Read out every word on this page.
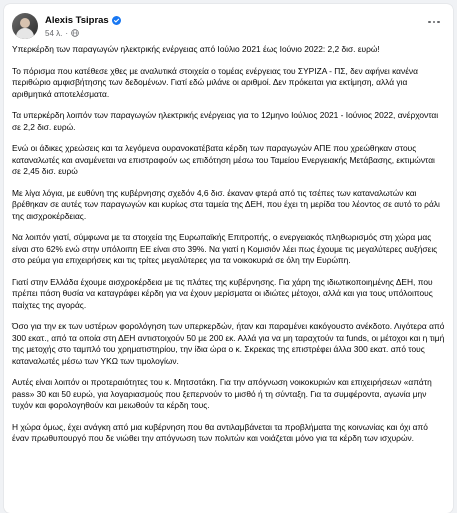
Alexis Tsipras
54 λ. ·

Υπερκέρδη των παραγωγών ηλεκτρικής ενέργειας από Ιούλιο 2021 έως Ιούνιο 2022: 2,2 δισ. ευρώ!

Το πόρισμα που κατέθεσε χθες με αναλυτικά στοιχεία ο τομέας ενέργειας του ΣΥΡΙΖΑ - ΠΣ, δεν αφήνει κανένα περιθώριο αμφισβήτησης των δεδομένων. Γιατί εδώ μιλάνε οι αριθμοί. Δεν πρόκειται για εκτίμηση, αλλά για αριθμητικά αποτελέσματα.

Τα υπερκέρδη λοιπόν των παραγωγών ηλεκτρικής ενέργειας για το 12μηνο Ιούλιος 2021 - Ιούνιος 2022, ανέρχονται σε 2,2 δισ. ευρώ.

Ενώ οι άδικες χρεώσεις και τα λεγόμενα ουρανοκατέβατα κέρδη των παραγωγών ΑΠΕ που χρεώθηκαν στους καταναλωτές και αναμένεται να επιστραφούν ως επιδότηση μέσω του Ταμείου Ενεργειακής Μετάβασης, εκτιμώνται σε 2,45 δισ. ευρώ

Με λίγα λόγια, με ευθύνη της κυβέρνησης σχεδόν 4,6 δισ. έκαναν φτερά από τις τσέπες των καταναλωτών και βρέθηκαν σε αυτές των παραγωγών και κυρίως στα ταμεία της ΔΕΗ, που έχει τη μερίδα του λέοντος σε αυτό το ράλι της αισχροκέρδειας.

Να λοιπόν γιατί, σύμφωνα με τα στοιχεία της Ευρωπαϊκής Επιτροπής, ο ενεργειακός πληθωρισμός στη χώρα μας είναι στο 62% ενώ στην υπόλοιπη ΕΕ είναι στο 39%. Να γιατί η Κομισιόν λέει πως έχουμε τις μεγαλύτερες αυξήσεις στο ρεύμα για επιχειρήσεις και τις τρίτες μεγαλύτερες για τα νοικοκυριά σε όλη την Ευρώπη.

Γιατί στην Ελλάδα έχουμε αισχροκέρδεια με τις πλάτες της κυβέρνησης. Για χάρη της ιδιωτικοποιημένης ΔΕΗ, που πρέπει πάση θυσία να καταγράφει κέρδη για να έχουν μερίσματα οι ιδιώτες μέτοχοι, αλλά και για τους υπόλοιπους παίχτες της αγοράς.

Όσο για την εκ των υστέρων φορολόγηση των υπερκερδών, ήταν και παραμένει κακόγουστο ανέκδοτο. Λιγότερα από 300 εκατ., από τα οποία στη ΔΕΗ αντιστοιχούν 50 με 200 εκ. Αλλά για να μη ταραχτούν τα funds, οι μέτοχοι και η τιμή της μετοχής στο ταμπλό του χρηματιστηρίου, την ίδια ώρα ο κ. Σκρεκας της επιστρέφει άλλα 300 εκατ. από τους καταναλωτές μέσω των ΥΚΩ των τιμολογίων.

Αυτές είναι λοιπόν οι προτεραιότητες του κ. Μητσοτάκη. Για την απόγνωση νοικοκυριών και επιχειρήσεων «απάτη pass» 30 και 50 ευρώ, για λογαριασμούς που ξεπερνούν το μισθό ή τη σύνταξη. Για τα συμφέροντα, αγωνία μην τυχόν και φορολογηθούν και μειωθούν τα κέρδη τους.

Η χώρα όμως, έχει ανάγκη από μια κυβέρνηση που θα αντιλαμβάνεται τα προβλήματα της κοινωνίας και όχι από έναν πρωθυπουργό που δε νιώθει την απόγνωση των πολιτών και νοιάζεται μόνο για τα κέρδη των ισχυρών.
